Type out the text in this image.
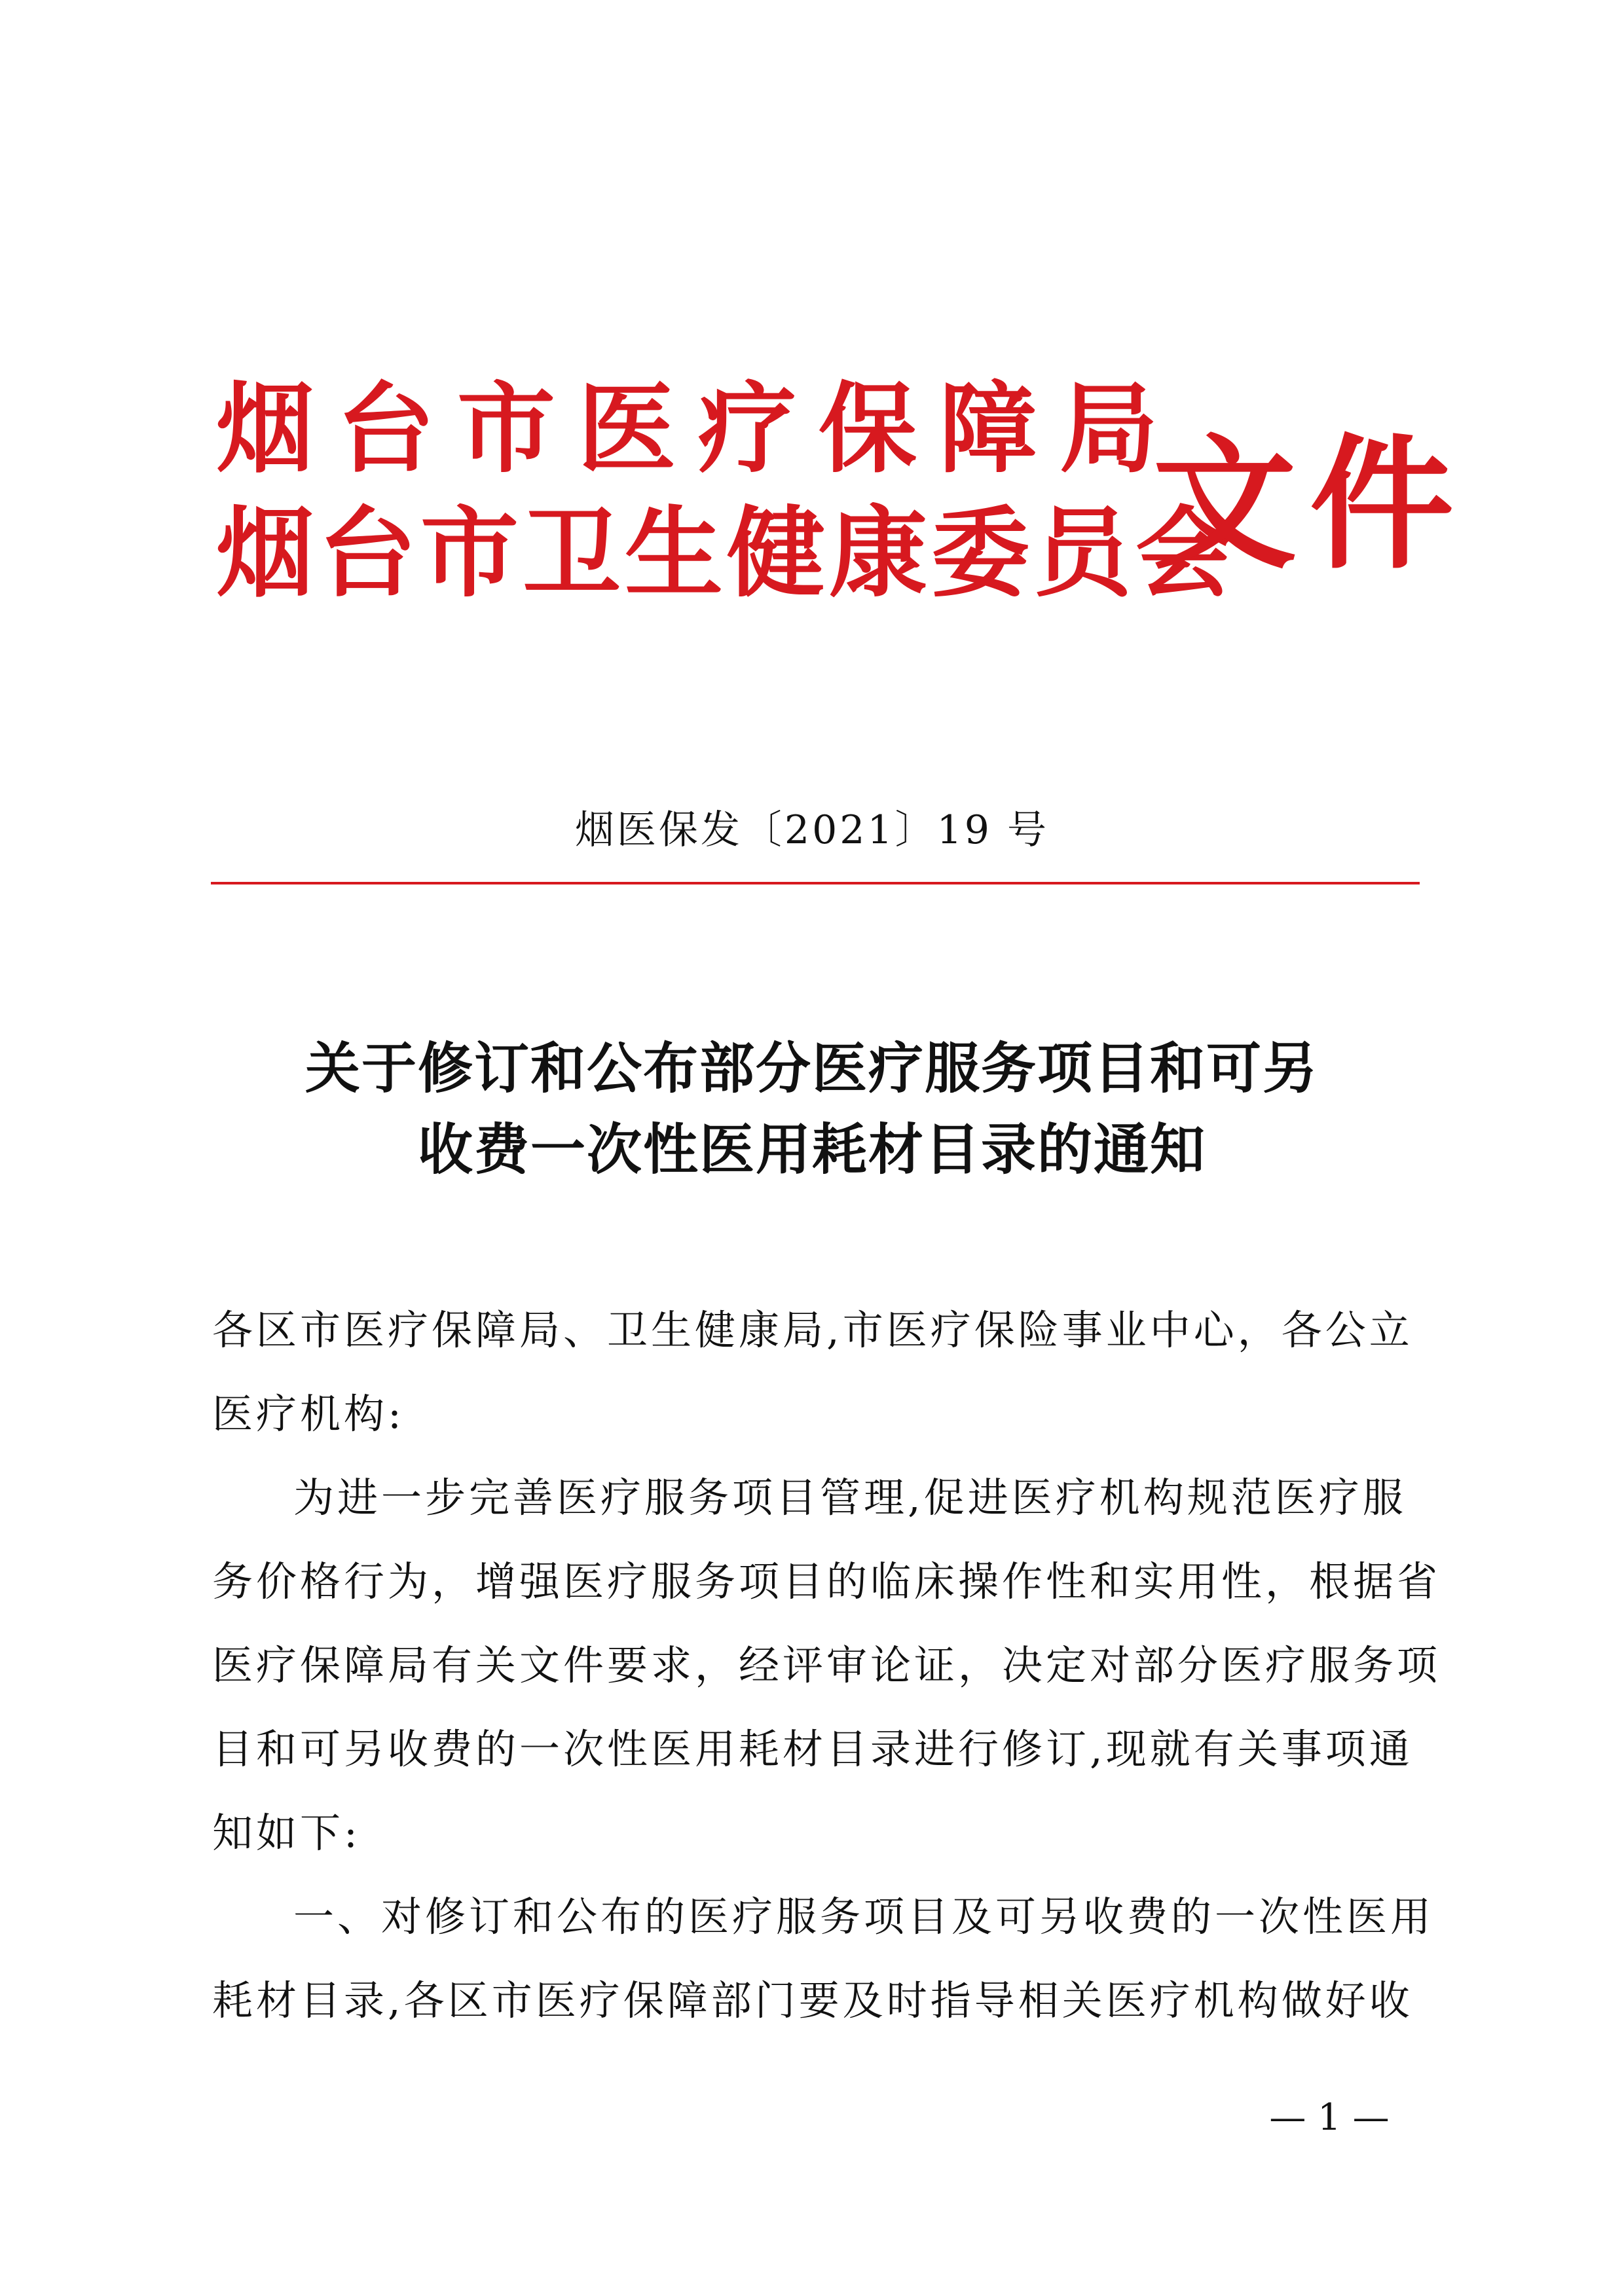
烟台市医疗保障局
烟台市卫生健康委员会
文件
烟医保发〔2021〕19 号
关于修订和公布部分医疗服务项目和可另
收费一次性医用耗材目录的通知
各区市医疗保障局、卫生健康局,市医疗保险事业中心，各公立
医疗机构:
为进一步完善医疗服务项目管理,促进医疗机构规范医疗服
务价格行为，增强医疗服务项目的临床操作性和实用性，根据省
医疗保障局有关文件要求，经评审论证，决定对部分医疗服务项
目和可另收费的一次性医用耗材目录进行修订,现就有关事项通
知如下:
一、对修订和公布的医疗服务项目及可另收费的一次性医用
耗材目录,各区市医疗保障部门要及时指导相关医疗机构做好收
— 1 —
